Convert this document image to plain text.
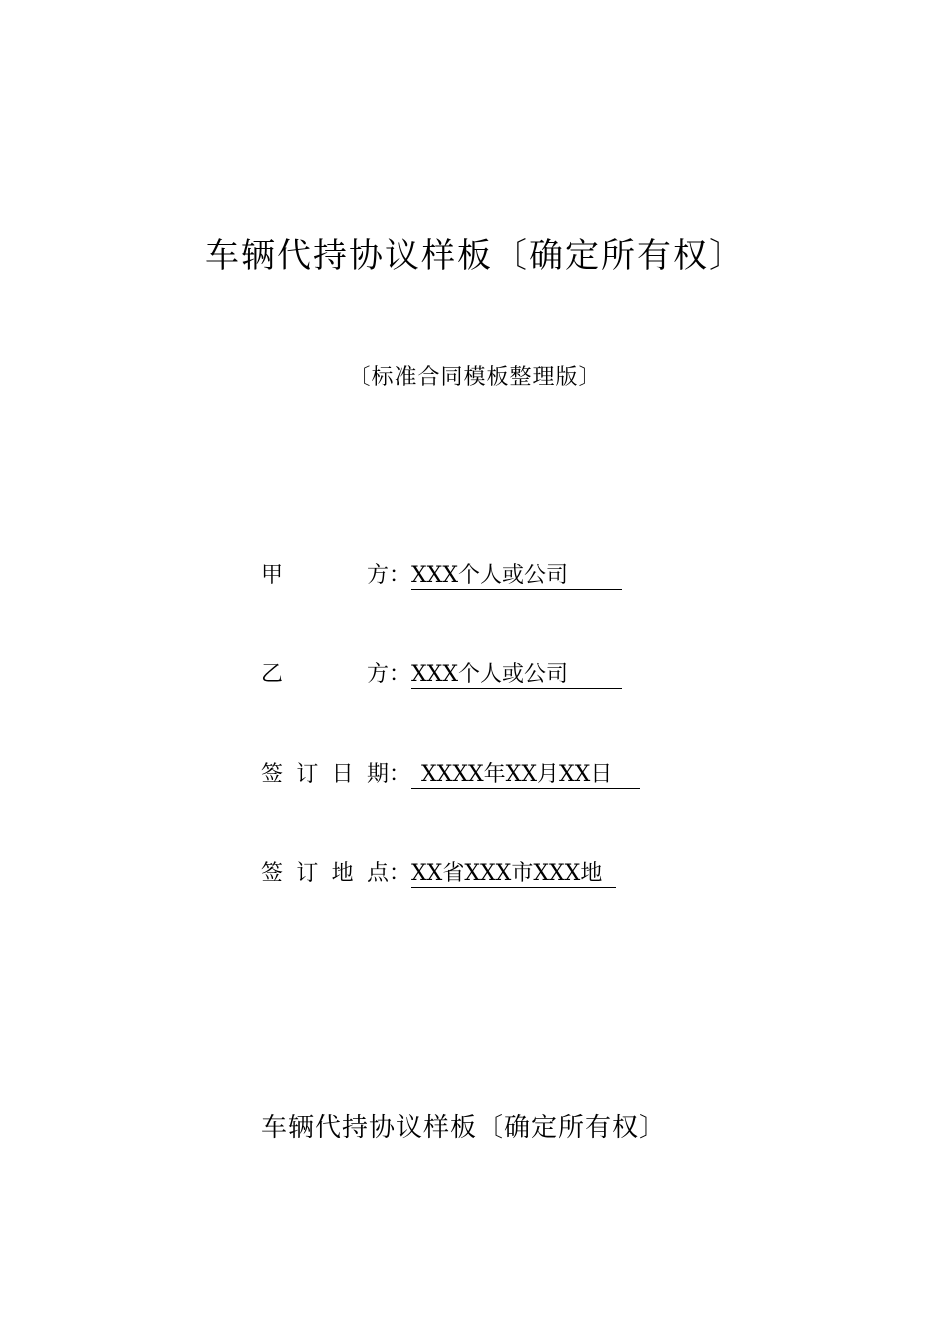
车辆代持协议样板〔确定所有权〕
〔标准合同模板整理版〕
甲方：XXX个人或公司
乙方：XXX个人或公司
签订日期： XXXX年XX月XX日
签订地点：XX省XXX市XXX地
车辆代持协议样板〔确定所有权〕
